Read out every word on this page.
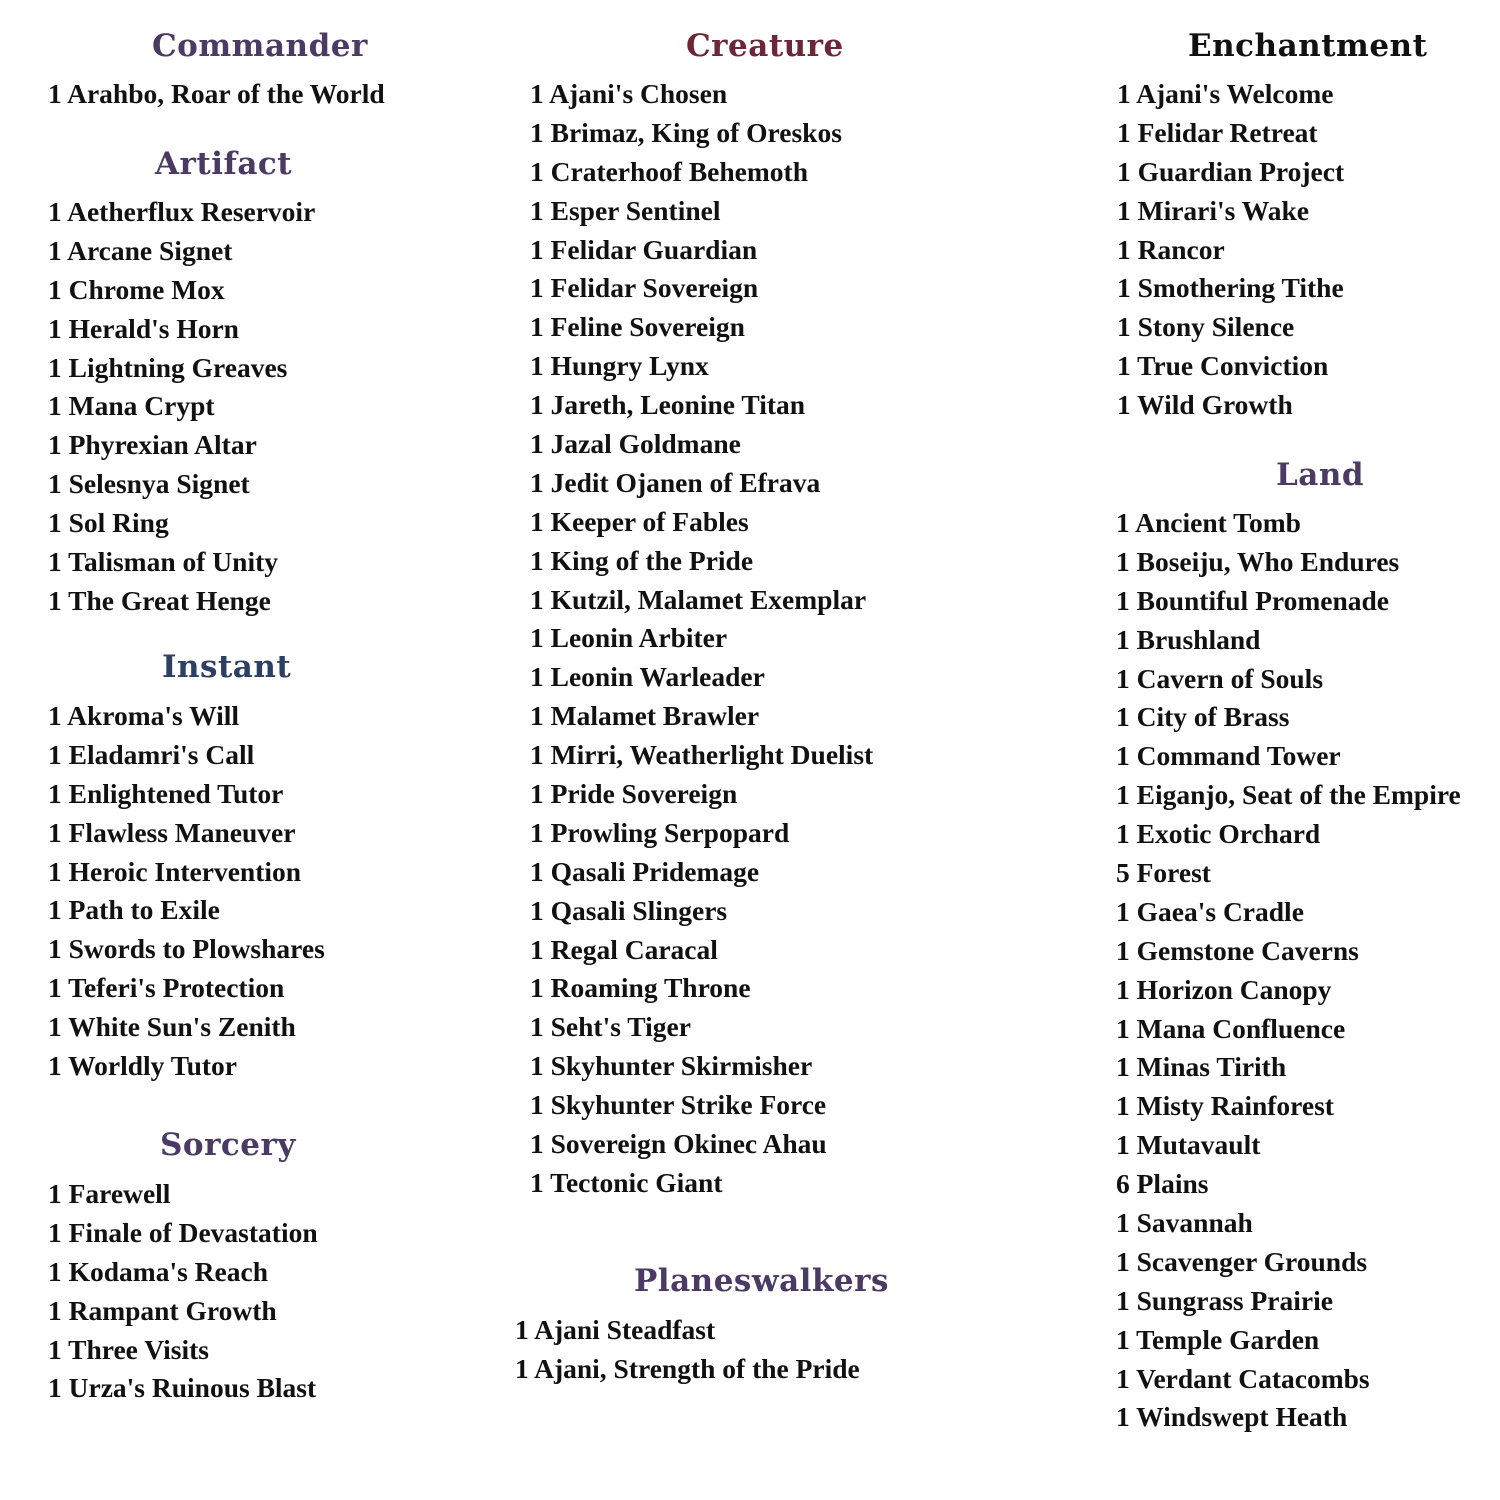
Commander
1 Arahbo, Roar of the World
Artifact
1 Aetherflux Reservoir
1 Arcane Signet
1 Chrome Mox
1 Herald's Horn
1 Lightning Greaves
1 Mana Crypt
1 Phyrexian Altar
1 Selesnya Signet
1 Sol Ring
1 Talisman of Unity
1 The Great Henge
Instant
1 Akroma's Will
1 Eladamri's Call
1 Enlightened Tutor
1 Flawless Maneuver
1 Heroic Intervention
1 Path to Exile
1 Swords to Plowshares
1 Teferi's Protection
1 White Sun's Zenith
1 Worldly Tutor
Sorcery
1 Farewell
1 Finale of Devastation
1 Kodama's Reach
1 Rampant Growth
1 Three Visits
1 Urza's Ruinous Blast
Creature
1 Ajani's Chosen
1 Brimaz, King of Oreskos
1 Craterhoof Behemoth
1 Esper Sentinel
1 Felidar Guardian
1 Felidar Sovereign
1 Feline Sovereign
1 Hungry Lynx
1 Jareth, Leonine Titan
1 Jazal Goldmane
1 Jedit Ojanen of Efrava
1 Keeper of Fables
1 King of the Pride
1 Kutzil, Malamet Exemplar
1 Leonin Arbiter
1 Leonin Warleader
1 Malamet Brawler
1 Mirri, Weatherlight Duelist
1 Pride Sovereign
1 Prowling Serpopard
1 Qasali Pridemage
1 Qasali Slingers
1 Regal Caracal
1 Roaming Throne
1 Seht's Tiger
1 Skyhunter Skirmisher
1 Skyhunter Strike Force
1 Sovereign Okinec Ahau
1 Tectonic Giant
Planeswalkers
1 Ajani Steadfast
1 Ajani, Strength of the Pride
Enchantment
1 Ajani's Welcome
1 Felidar Retreat
1 Guardian Project
1 Mirari's Wake
1 Rancor
1 Smothering Tithe
1 Stony Silence
1 True Conviction
1 Wild Growth
Land
1 Ancient Tomb
1 Boseiju, Who Endures
1 Bountiful Promenade
1 Brushland
1 Cavern of Souls
1 City of Brass
1 Command Tower
1 Eiganjo, Seat of the Empire
1 Exotic Orchard
5 Forest
1 Gaea's Cradle
1 Gemstone Caverns
1 Horizon Canopy
1 Mana Confluence
1 Minas Tirith
1 Misty Rainforest
1 Mutavault
6 Plains
1 Savannah
1 Scavenger Grounds
1 Sungrass Prairie
1 Temple Garden
1 Verdant Catacombs
1 Windswept Heath
